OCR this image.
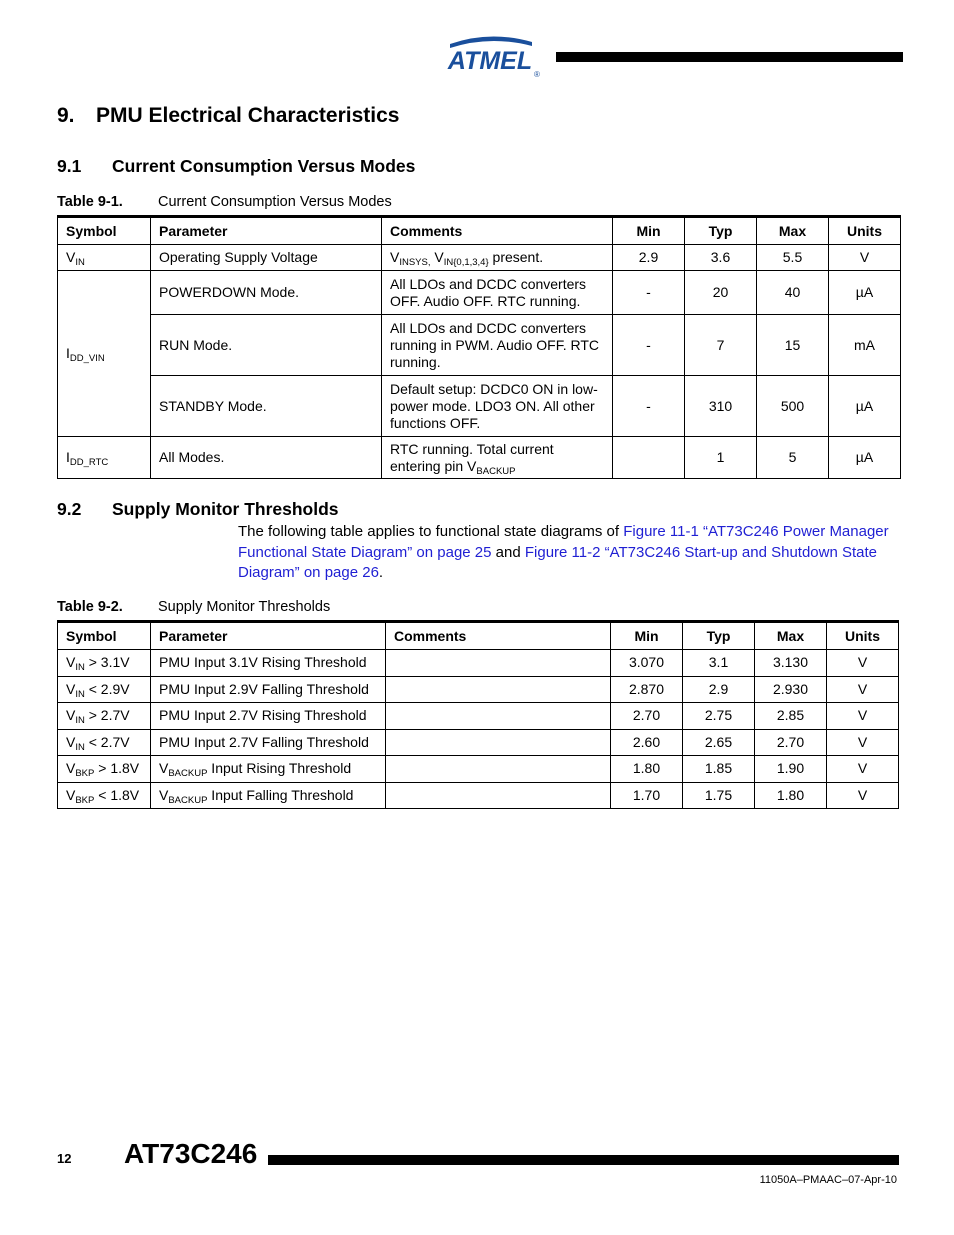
ATMEL ®
9. PMU Electrical Characteristics
9.1 Current Consumption Versus Modes
Table 9-1. Current Consumption Versus Modes
Symbol	Parameter	Comments	Min	Typ	Max	Units
$V_{IN}$	Operating Supply Voltage	$V_{INSYS,}$ $V_{IN\{0,1,3,4\}}$ present.	2.9	3.6	5.5	V
$I_{DD\_VIN}$	POWERDOWN Mode.	All LDOs and DCDC converters OFF. Audio OFF. RTC running.	-	20	40	µA
	RUN Mode.	All LDOs and DCDC converters running in PWM. Audio OFF. RTC running.	-	7	15	mA
	STANDBY Mode.	Default setup: DCDC0 ON in low-power mode. LDO3 ON. All other functions OFF.	-	310	500	µA
$I_{DD\_RTC}$	All Modes.	RTC running. Total current entering pin $V_{BACKUP}$		1	5	µA
9.2 Supply Monitor Thresholds

The following table applies to functional state diagrams of Figure 11-1 “AT73C246 Power Manager Functional State Diagram” on page 25 and Figure 11-2 “AT73C246 Start-up and Shutdown State Diagram” on page 26.

Table 9-2. Supply Monitor Thresholds
Symbol	Parameter	Comments	Min	Typ	Max	Units
$V_{IN} > 3.1V$	PMU Input 3.1V Rising Threshold		3.070	3.1	3.130	V
$V_{IN} < 2.9V$	PMU Input 2.9V Falling Threshold		2.870	2.9	2.930	V
$V_{IN} > 2.7V$	PMU Input 2.7V Rising Threshold		2.70	2.75	2.85	V
$V_{IN} < 2.7V$	PMU Input 2.7V Falling Threshold		2.60	2.65	2.70	V
$V_{BKP} > 1.8V$	$V_{BACKUP}$ Input Rising Threshold		1.80	1.85	1.90	V
$V_{BKP} < 1.8V$	$V_{BACKUP}$ Input Falling Threshold		1.70	1.75	1.80	V
12 AT73C246
11050A–PMAAC–07-Apr-10
